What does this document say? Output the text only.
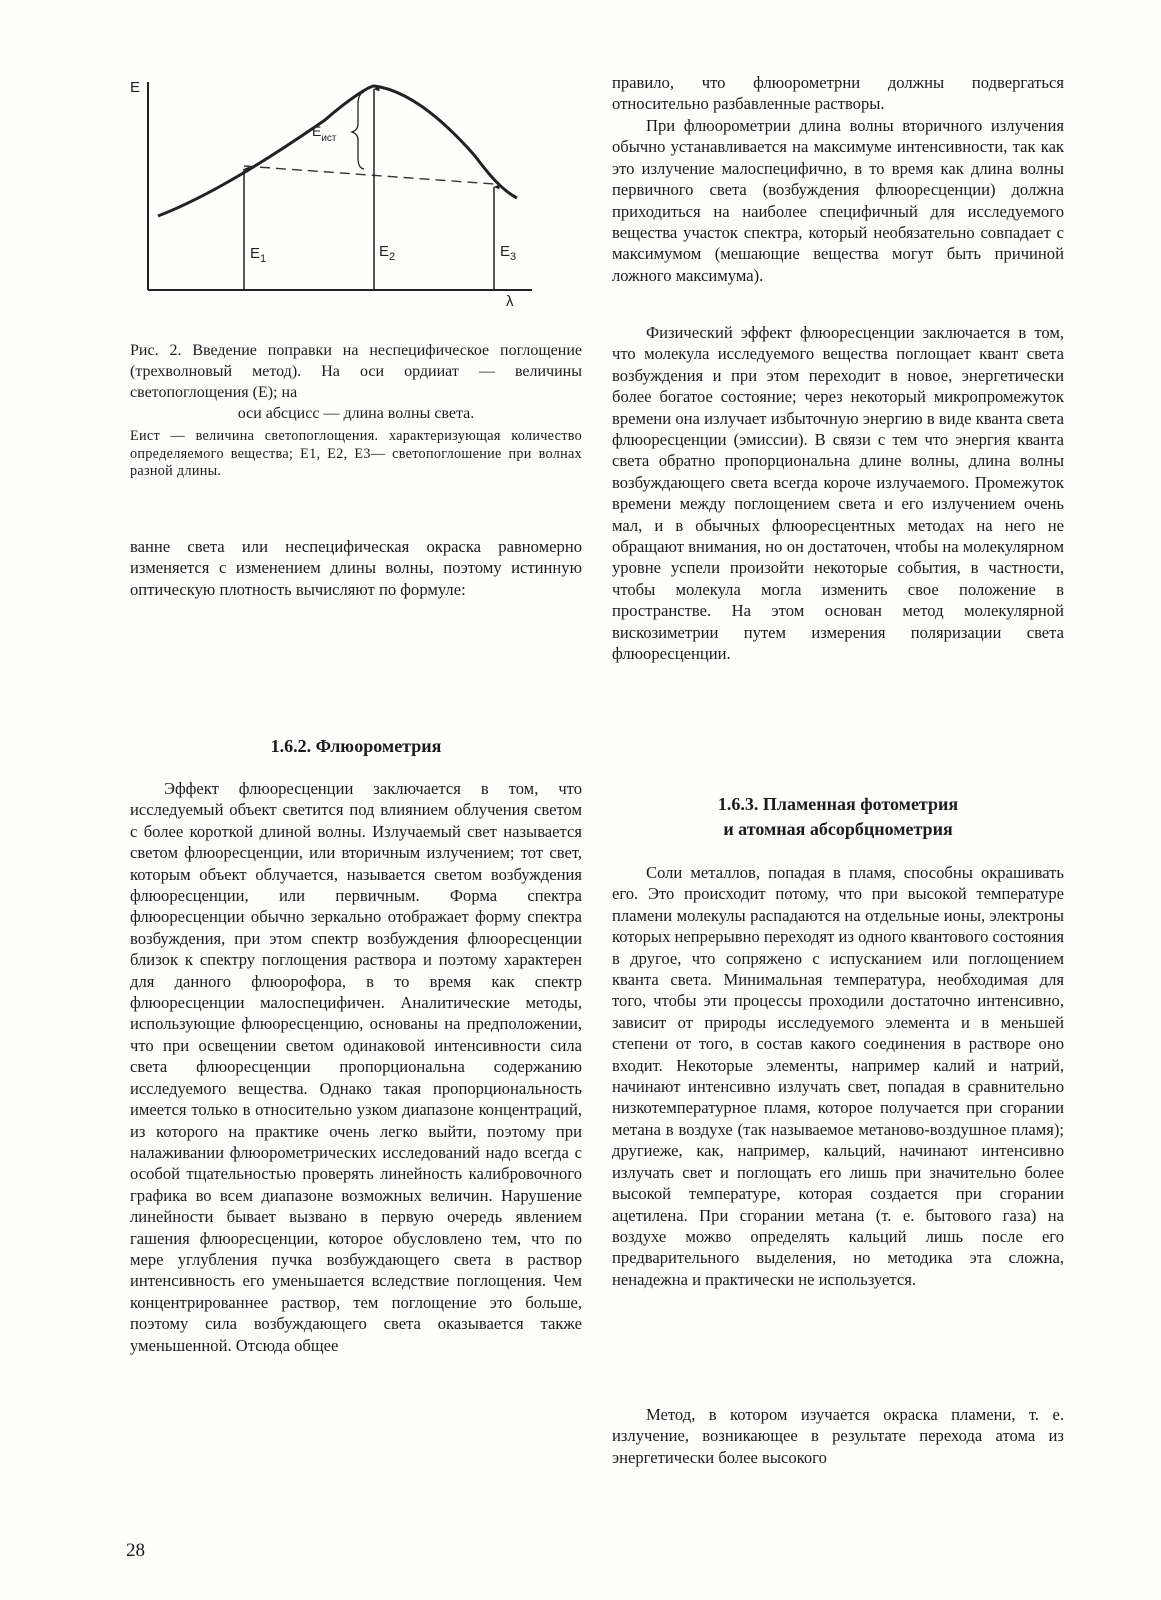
E
λ
$E_{ист}$
$E_1$	$E_2$	$E_3$

Рис. 2. Введение поправки на неспецифическое поглощение (трехволновый метод). На оси ордииат — величины светопоглощения (Е); на

оси абсцисс — длина волны света.

Еист — величина светопоглощения. характеризующая количество определяемого вещества; Е1, Е2, Е3— светопоглошение при волнах разной длины.

ванне света или неспецифическая окраска равномерно изменяется с изменением длины волны, поэтому истинную оптическую плотность вычисляют по формуле:

1.6.2. Флюорометрия

Эффект флюоресценции заключается в том, что исследуемый объект светится под влиянием облучения светом с более короткой длиной волны. Излучаемый свет называется светом флюоресценции, или вторичным излучением; тот свет, которым объект облучается, называется светом возбуждения флюоресценции, или первичным. Форма спектра флюоресценции обычно зеркально отображает форму спектра возбуждения, при этом спектр возбуждения флюоресценции близок к спектру поглощения раствора и поэтому характерен для данного флюорофора, в то время как спектр флюоресценции малоспецифичен. Аналитические методы, использующие флюоресценцию, основаны на предположении, что при освещении светом одинаковой интенсивности сила света флюоресценции пропорциональна содержанию исследуемого вещества. Однако такая пропорциональность имеется только в относительно узком диапазоне концентраций, из которого на практике очень легко выйти, поэтому при налаживании флюорометрических исследований надо всегда с особой тщательностью проверять линейность калибровочного графика во всем диапазоне возможных величин. Нарушение линейности бывает вызвано в первую очередь явлением гашения флюоресценции, которое обусловлено тем, что по мере углубления пучка возбуждающего света в раствор интенсивность его уменьшается вследствие поглощения. Чем концентрированнее раствор, тем поглощение это больше, поэтому сила возбуждающего света оказывается также уменьшенной. Отсюда общее

правило, что флюорометрни должны подвергаться относительно разбавленные растворы.

При флюорометрии длина волны вторичного излучения обычно устанавливается на максимуме интенсивности, так как это излучение малоспецифично, в то время как длина волны первичного света (возбуждения флюоресценции) должна приходиться на наиболее специфичный для исследуемого вещества участок спектра, который необязательно совпадает с максимумом (мешающие вещества могут быть причиной ложного максимума).

Физический эффект флюоресценции заключается в том, что молекула исследуемого вещества поглощает квант света возбуждения и при этом переходит в новое, энергетически более богатое состояние; через некоторый микропромежуток времени она излучает избыточную энергию в виде кванта света флюоресценции (эмиссии). В связи с тем что энергия кванта света обратно пропорциональна длине волны, длина волны возбуждающего света всегда короче излучаемого. Промежуток времени между поглощением света и его излучением очень мал, и в обычных флюоресцентных методах на него не обращают внимания, но он достаточен, чтобы на молекулярном уровне успели произойти некоторые события, в частности, чтобы молекула могла изменить свое положение в пространстве. На этом основан метод молекулярной вискозиметрии путем измерения поляризации света флюоресценции.

1.6.3. Пламенная фотометрия
и атомная абсорбцнометрия

Соли металлов, попадая в пламя, способны окрашивать его. Это происходит потому, что при высокой температуре пламени молекулы распадаются на отдельные ионы, электроны которых непрерывно переходят из одного квантового состояния в другое, что сопряжено с испусканием или поглощением кванта света. Минимальная температура, необходимая для того, чтобы эти процессы проходили достаточно интенсивно, зависит от природы исследуемого элемента и в меньшей степени от того, в состав какого соединения в растворе оно входит. Некоторые элементы, например калий и натрий, начинают интенсивно излучать свет, попадая в сравнительно низкотемпературное пламя, которое получается при сгорании метана в воздухе (так называемое метаново-воздушное пламя); другиеже, как, например, кальций, начинают интенсивно излучать свет и поглощать его лишь при значительно более высокой температуре, которая создается при сгорании ацетилена. При сгорании метана (т. е. бытового газа) на воздухе можво определять кальций лишь после его предварительного выделения, но методика эта сложна, ненадежна и практически не используется.

Метод, в котором изучается окраска пламени, т. е. излучение, возникающее в результате перехода атома из энергетически более высокого

28
